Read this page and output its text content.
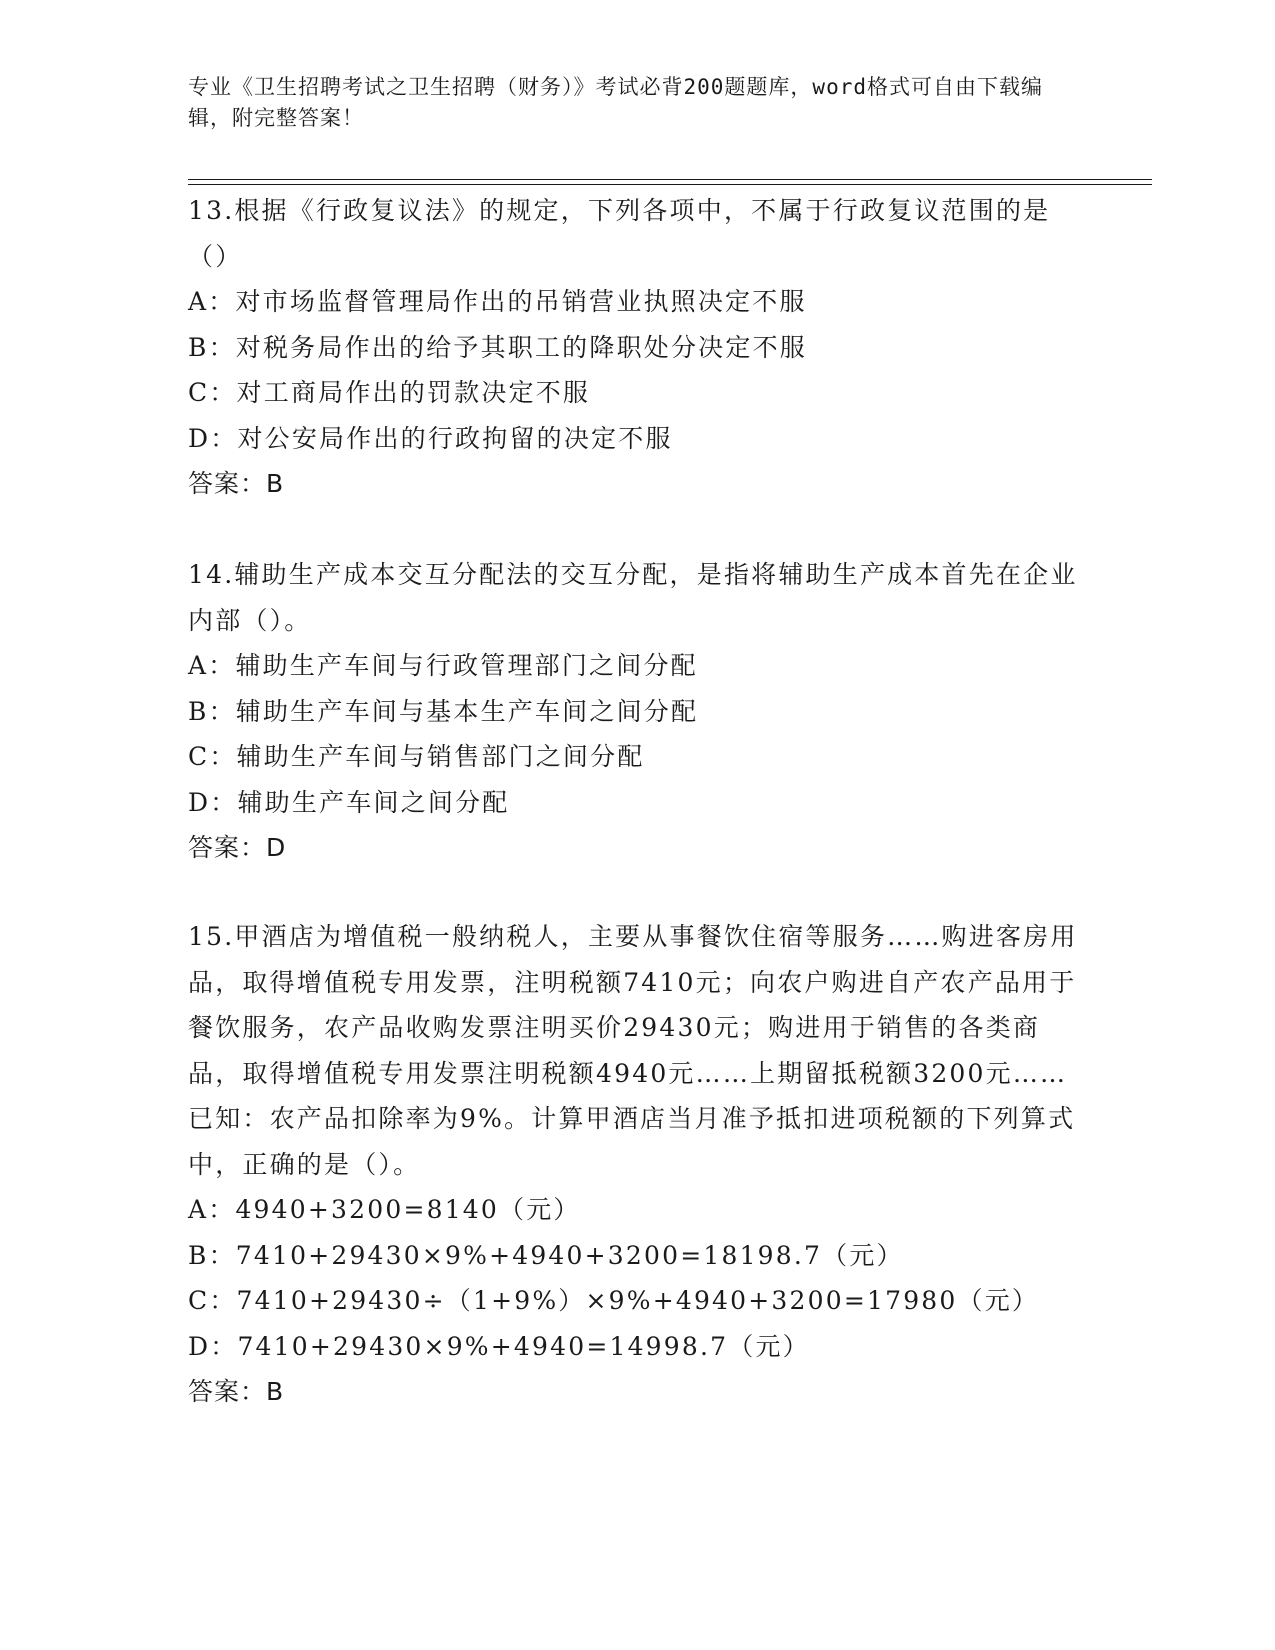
专业《卫生招聘考试之卫生招聘（财务）》考试必背200题题库，word格式可自由下载编辑，附完整答案！

13.根据《行政复议法》的规定，下列各项中，不属于行政复议范围的是（）

A：对市场监督管理局作出的吊销营业执照决定不服

B：对税务局作出的给予其职工的降职处分决定不服

C：对工商局作出的罚款决定不服

D：对公安局作出的行政拘留的决定不服

答案：B

14.辅助生产成本交互分配法的交互分配，是指将辅助生产成本首先在企业内部（）。

A：辅助生产车间与行政管理部门之间分配

B：辅助生产车间与基本生产车间之间分配

C：辅助生产车间与销售部门之间分配

D：辅助生产车间之间分配

答案：D

15.甲酒店为增值税一般纳税人，主要从事餐饮住宿等服务……购进客房用品，取得增值税专用发票，注明税额7410元；向农户购进自产农产品用于餐饮服务，农产品收购发票注明买价29430元；购进用于销售的各类商品，取得增值税专用发票注明税额4940元……上期留抵税额3200元……已知：农产品扣除率为9%。计算甲酒店当月准予抵扣进项税额的下列算式中，正确的是（）。

A：4940+3200=8140（元）

B：7410+29430×9%+4940+3200=18198.7（元）

C：7410+29430÷（1+9%）×9%+4940+3200=17980（元）

D：7410+29430×9%+4940=14998.7（元）

答案：B
